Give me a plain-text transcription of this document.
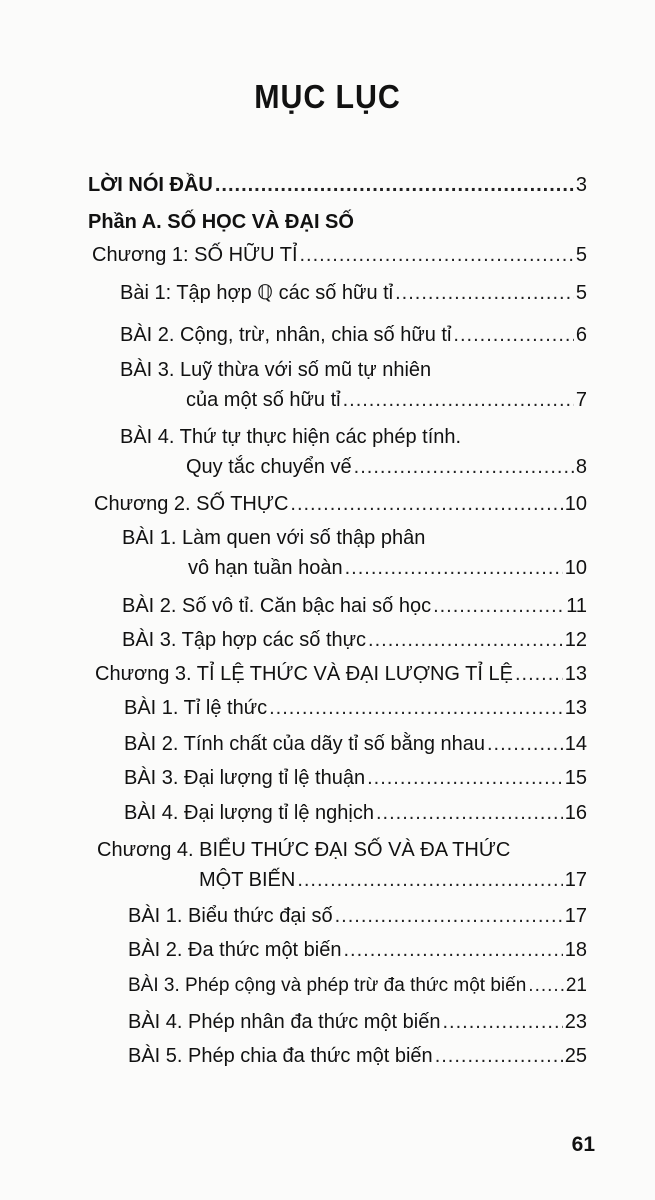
MỤC LỤC
LỜI NÓI ĐẦU .....	3
Phần A. SỐ HỌC VÀ ĐẠI SỐ
Chương 1: SỐ HỮU TỈ .....	5
Bài 1: Tập hợp ℚ các số hữu tỉ .....	5
BÀI 2. Cộng, trừ, nhân, chia số hữu tỉ .....	6
BÀI 3. Luỹ thừa với số mũ tự nhiên
của một số hữu tỉ .....	7
BÀI 4. Thứ tự thực hiện các phép tính.
Quy tắc chuyển vế .....	8
Chương 2. SỐ THỰC .....	10
BÀI 1. Làm quen với số thập phân
vô hạn tuần hoàn .....	10
BÀI 2. Số vô tỉ. Căn bậc hai số học .....	11
BÀI 3. Tập hợp các số thực .....	12
Chương 3. TỈ LỆ THỨC VÀ ĐẠI LƯỢNG TỈ LỆ .....	13
BÀI 1. Tỉ lệ thức .....	13
BÀI 2. Tính chất của dãy tỉ số bằng nhau .....	14
BÀI 3. Đại lượng tỉ lệ thuận .....	15
BÀI 4. Đại lượng tỉ lệ nghịch .....	16
Chương 4. BIỂU THỨC ĐẠI SỐ VÀ ĐA THỨC
MỘT BIẾN .....	17
BÀI 1. Biểu thức đại số .....	17
BÀI 2. Đa thức một biến .....	18
BÀI 3. Phép cộng và phép trừ đa thức một biến ..... 21
BÀI 4. Phép nhân đa thức một biến .....	23
BÀI 5. Phép chia đa thức một biến .....	25
61
